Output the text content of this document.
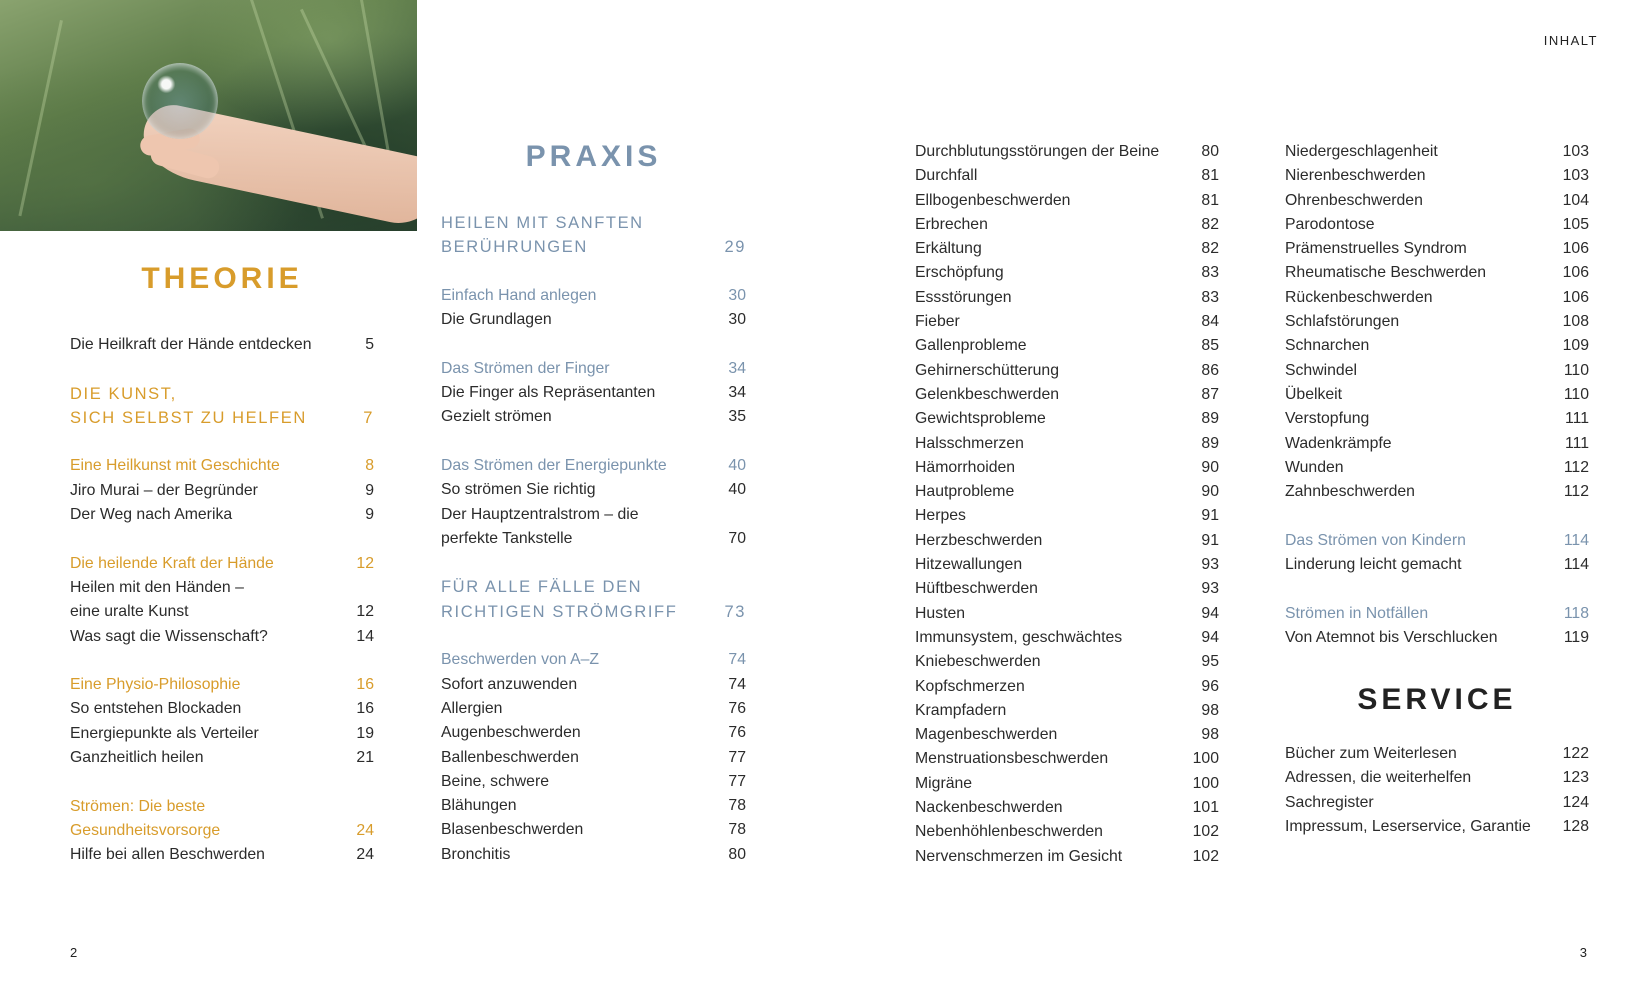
INHALT
2	3
THEORIE
Die Heilkraft der Hände entdecken	5
DIE KUNST,
SICH SELBST ZU HELFEN	7
Eine Heilkunst mit Geschichte	8
Jiro Murai – der Begründer	9
Der Weg nach Amerika	9
Die heilende Kraft der Hände	12
Heilen mit den Händen –
eine uralte Kunst	12
Was sagt die Wissenschaft?	14
Eine Physio-Philosophie	16
So entstehen Blockaden	16
Energiepunkte als Verteiler	19
Ganzheitlich heilen	21
Strömen: Die beste
Gesundheitsvorsorge	24
Hilfe bei allen Beschwerden	24
PRAXIS
HEILEN MIT SANFTEN
BERÜHRUNGEN	29
Einfach Hand anlegen	30
Die Grundlagen	30
Das Strömen der Finger	34
Die Finger als Repräsentanten	34
Gezielt strömen	35
Das Strömen der Energiepunkte	40
So strömen Sie richtig	40
Der Hauptzentralstrom – die
perfekte Tankstelle	70
FÜR ALLE FÄLLE DEN
RICHTIGEN STRÖMGRIFF	73
Beschwerden von A–Z	74
Sofort anzuwenden	74
Allergien	76
Augenbeschwerden	76
Ballenbeschwerden	77
Beine, schwere	77
Blähungen	78
Blasenbeschwerden	78
Bronchitis	80
Durchblutungsstörungen der Beine	80
Durchfall	81
Ellbogenbeschwerden	81
Erbrechen	82
Erkältung	82
Erschöpfung	83
Essstörungen	83
Fieber	84
Gallenprobleme	85
Gehirnerschütterung	86
Gelenkbeschwerden	87
Gewichtsprobleme	89
Halsschmerzen	89
Hämorrhoiden	90
Hautprobleme	90
Herpes	91
Herzbeschwerden	91
Hitzewallungen	93
Hüftbeschwerden	93
Husten	94
Immunsystem, geschwächtes	94
Kniebeschwerden	95
Kopfschmerzen	96
Krampfadern	98
Magenbeschwerden	98
Menstruationsbeschwerden	100
Migräne	100
Nackenbeschwerden	101
Nebenhöhlenbeschwerden	102
Nervenschmerzen im Gesicht	102
Niedergeschlagenheit	103
Nierenbeschwerden	103
Ohrenbeschwerden	104
Parodontose	105
Prämenstruelles Syndrom	106
Rheumatische Beschwerden	106
Rückenbeschwerden	106
Schlafstörungen	108
Schnarchen	109
Schwindel	110
Übelkeit	110
Verstopfung	111
Wadenkrämpfe	111
Wunden	112
Zahnbeschwerden	112
Das Strömen von Kindern	114
Linderung leicht gemacht	114
Strömen in Notfällen	118
Von Atemnot bis Verschlucken	119
SERVICE
Bücher zum Weiterlesen	122
Adressen, die weiterhelfen	123
Sachregister	124
Impressum, Leserservice, Garantie 128
